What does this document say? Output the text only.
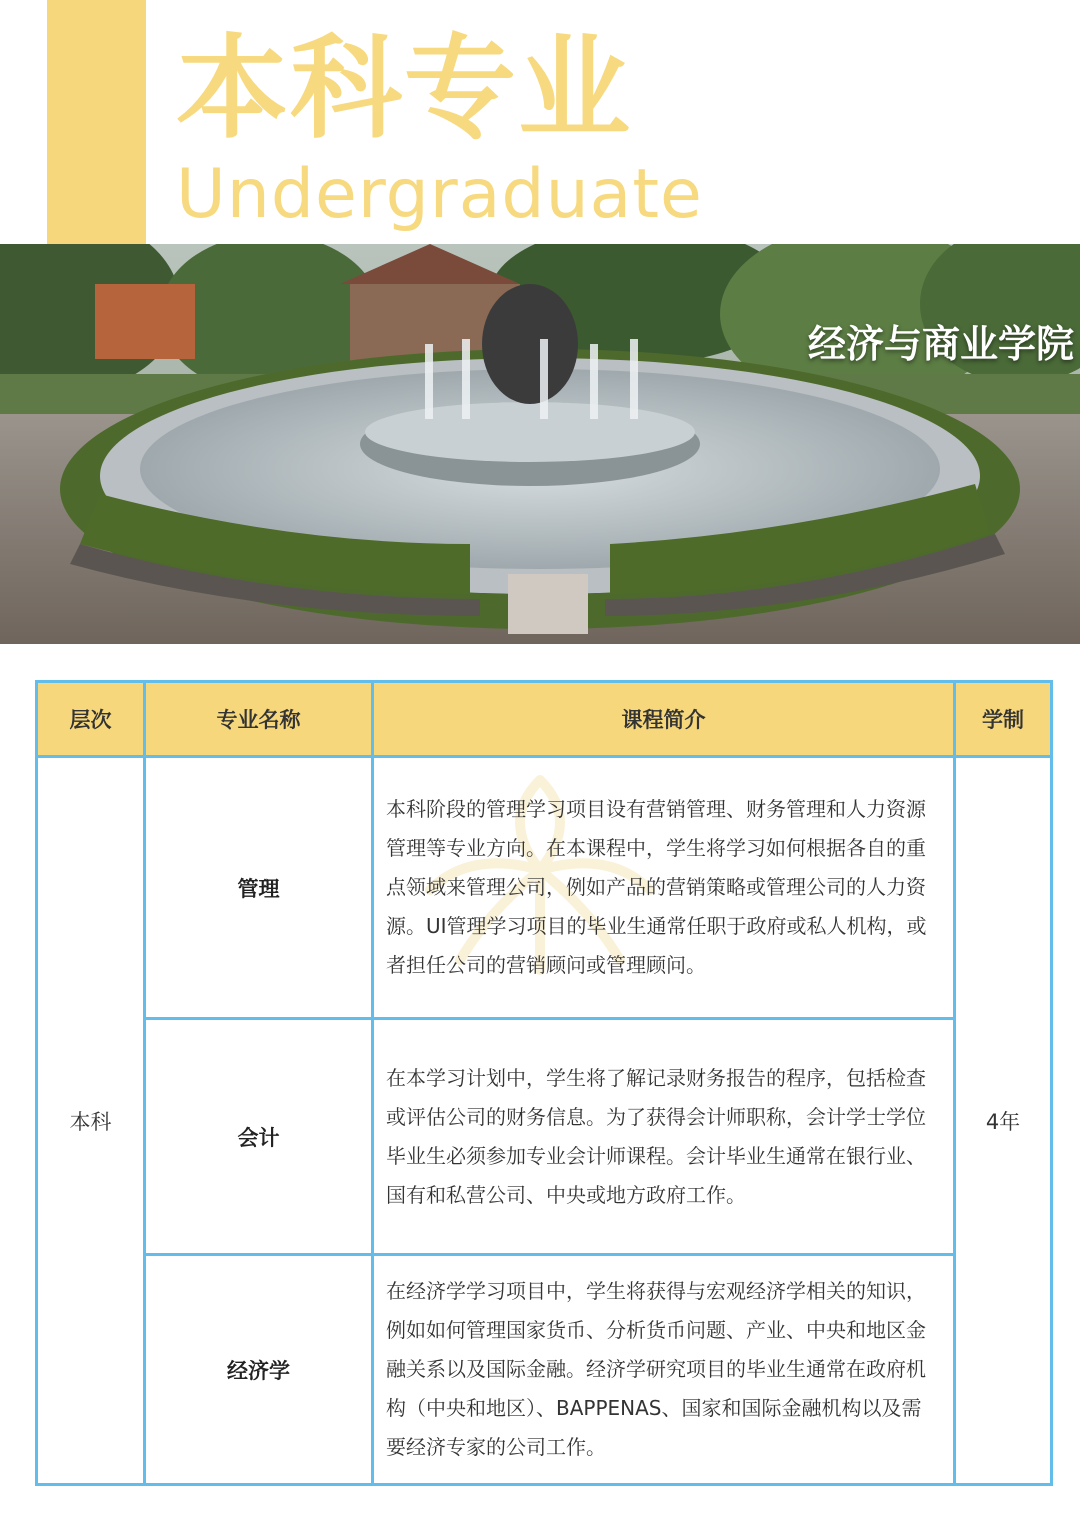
本科专业
Undergraduate
经济与商业学院
层次	专业名称	课程简介	学制
本科	管理	本科阶段的管理学习项目设有营销管理、财务管理和人力资源管理等专业方向。在本课程中，学生将学习如何根据各自的重点领域来管理公司，例如产品的营销策略或管理公司的人力资源。UI管理学习项目的毕业生通常任职于政府或私人机构，或者担任公司的营销顾问或管理顾问。	4年
	会计	在本学习计划中，学生将了解记录财务报告的程序，包括检查或评估公司的财务信息。为了获得会计师职称，会计学士学位毕业生必须参加专业会计师课程。会计毕业生通常在银行业、国有和私营公司、中央或地方政府工作。	
	经济学	在经济学学习项目中，学生将获得与宏观经济学相关的知识，例如如何管理国家货币、分析货币问题、产业、中央和地区金融关系以及国际金融。经济学研究项目的毕业生通常在政府机构（中央和地区）、BAPPENAS、国家和国际金融机构以及需要经济专家的公司工作。	
